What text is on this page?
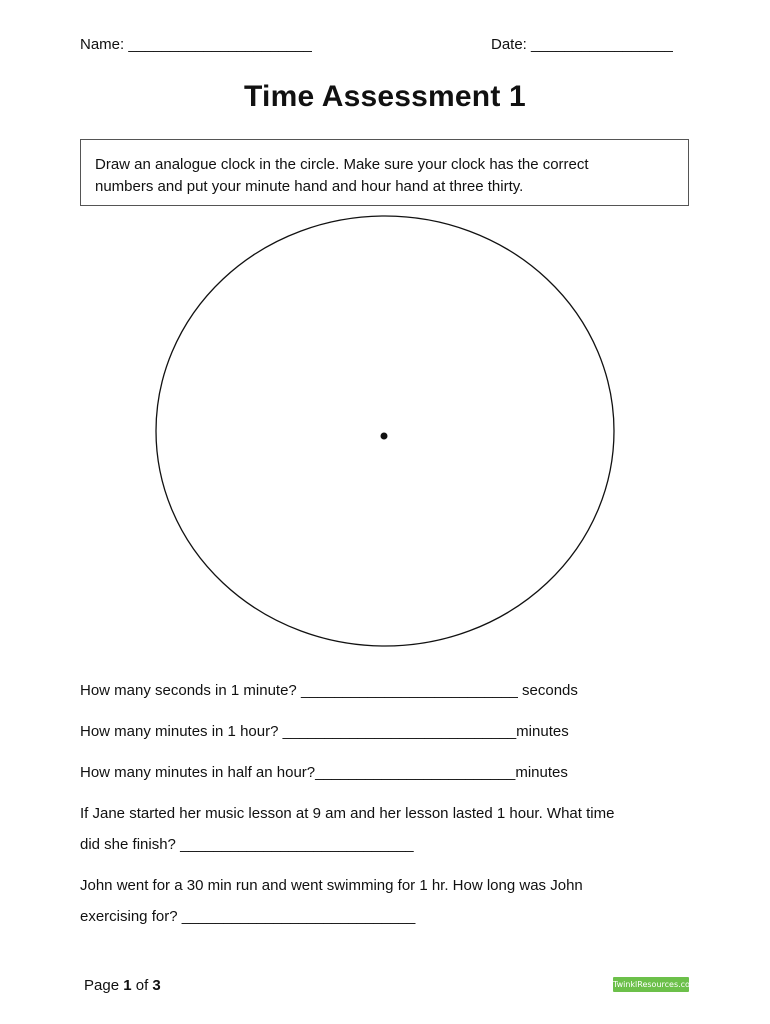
Name: ______________________	Date: _________________
Time Assessment 1
Draw an analogue clock in the circle. Make sure your clock has the correct
numbers and put your minute hand and hour hand at three thirty.
How many seconds in 1 minute? __________________________ seconds
How many minutes in 1 hour? ____________________________minutes
How many minutes in half an hour?________________________minutes
If Jane started her music lesson at 9 am and her lesson lasted 1 hour. What time
did she finish? ____________________________
John went for a 30 min run and went swimming for 1 hr. How long was John
exercising for? ____________________________
Page 1 of 3	TwinklResources.com
